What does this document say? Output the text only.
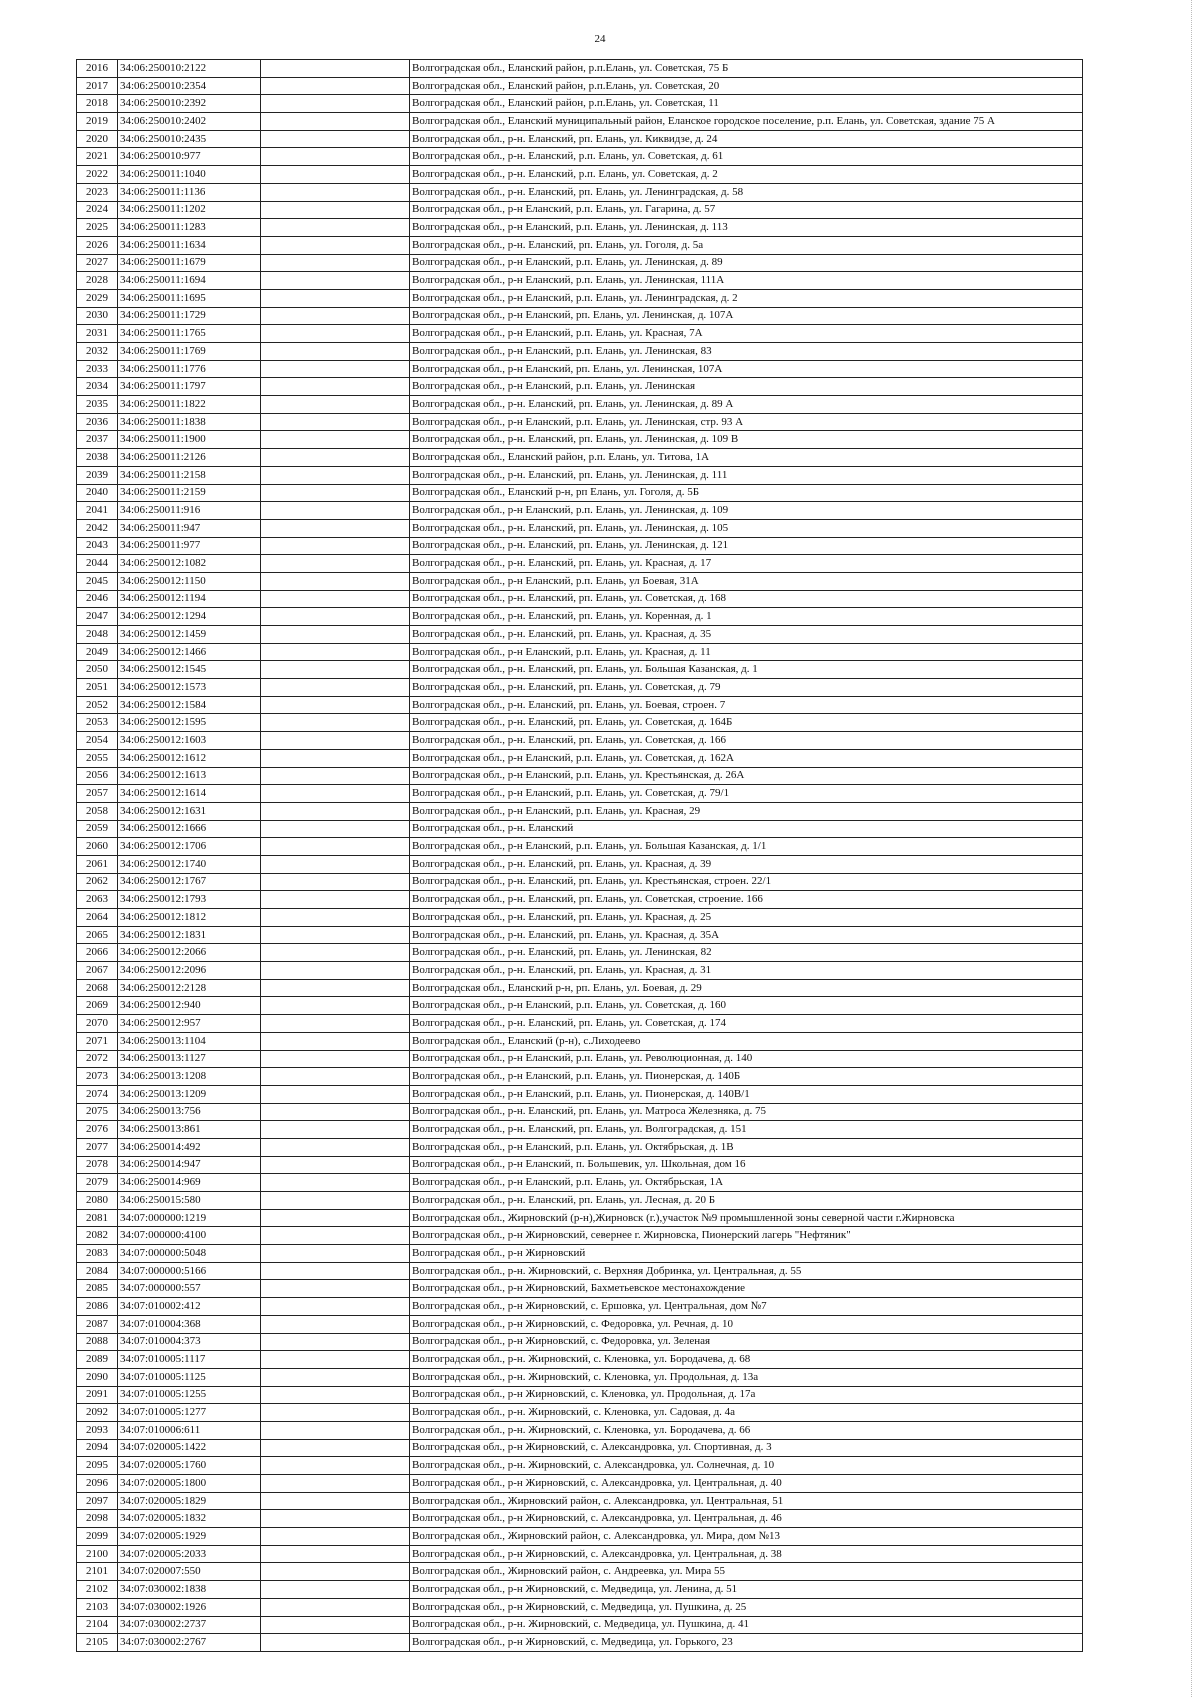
24
2016	34:06:250010:2122		Волгоградская обл., Еланский район, р.п.Елань, ул. Советская, 75 Б
2017	34:06:250010:2354		Волгоградская обл., Еланский район, р.п.Елань, ул. Советская, 20
2018	34:06:250010:2392		Волгоградская обл., Еланский район, р.п.Елань, ул. Советская, 11
2019	34:06:250010:2402		Волгоградская обл., Еланский муниципальный район, Еланское городское поселение, р.п. Елань, ул. Советская, здание 75 А
2020	34:06:250010:2435		Волгоградская обл., р-н. Еланский, рп. Елань, ул. Киквидзе, д. 24
2021	34:06:250010:977		Волгоградская обл., р-н. Еланский, р.п. Елань, ул. Советская, д. 61
2022	34:06:250011:1040		Волгоградская обл., р-н. Еланский, р.п. Елань, ул. Советская, д. 2
2023	34:06:250011:1136		Волгоградская обл., р-н. Еланский, рп. Елань, ул. Ленинградская, д. 58
2024	34:06:250011:1202		Волгоградская обл., р-н Еланский, р.п. Елань, ул. Гагарина, д. 57
2025	34:06:250011:1283		Волгоградская обл., р-н Еланский, р.п. Елань, ул. Ленинская, д. 113
2026	34:06:250011:1634		Волгоградская обл., р-н. Еланский, рп. Елань, ул. Гоголя, д. 5а
2027	34:06:250011:1679		Волгоградская обл., р-н Еланский, р.п. Елань, ул. Ленинская, д. 89
2028	34:06:250011:1694		Волгоградская обл., р-н Еланский, р.п. Елань, ул. Ленинская, 111А
2029	34:06:250011:1695		Волгоградская обл., р-н Еланский, р.п. Елань, ул. Ленинградская, д. 2
2030	34:06:250011:1729		Волгоградская обл., р-н Еланский, рп. Елань, ул. Ленинская, д. 107А
2031	34:06:250011:1765		Волгоградская обл., р-н Еланский, р.п. Елань, ул. Красная, 7А
2032	34:06:250011:1769		Волгоградская обл., р-н Еланский, р.п. Елань, ул. Ленинская, 83
2033	34:06:250011:1776		Волгоградская обл., р-н Еланский, рп. Елань, ул. Ленинская, 107А
2034	34:06:250011:1797		Волгоградская обл., р-н Еланский, р.п. Елань, ул. Ленинская
2035	34:06:250011:1822		Волгоградская обл., р-н. Еланский, рп. Елань, ул. Ленинская, д. 89 А
2036	34:06:250011:1838		Волгоградская обл., р-н Еланский, р.п. Елань, ул. Ленинская, стр. 93 А
2037	34:06:250011:1900		Волгоградская обл., р-н. Еланский, рп. Елань, ул. Ленинская, д. 109 В
2038	34:06:250011:2126		Волгоградская обл., Еланский район, р.п. Елань, ул. Титова, 1А
2039	34:06:250011:2158		Волгоградская обл., р-н. Еланский, рп. Елань, ул. Ленинская, д. 111
2040	34:06:250011:2159		Волгоградская обл., Еланский р-н, рп Елань, ул. Гоголя, д. 5Б
2041	34:06:250011:916		Волгоградская обл., р-н Еланский, р.п. Елань, ул. Ленинская, д. 109
2042	34:06:250011:947		Волгоградская обл., р-н. Еланский, рп. Елань, ул. Ленинская, д. 105
2043	34:06:250011:977		Волгоградская обл., р-н. Еланский, рп. Елань, ул. Ленинская, д. 121
2044	34:06:250012:1082		Волгоградская обл., р-н. Еланский, рп. Елань, ул. Красная, д. 17
2045	34:06:250012:1150		Волгоградская обл., р-н Еланский, р.п. Елань, ул Боевая, 31А
2046	34:06:250012:1194		Волгоградская обл., р-н. Еланский, рп. Елань, ул. Советская, д. 168
2047	34:06:250012:1294		Волгоградская обл., р-н. Еланский, рп. Елань, ул. Коренная, д. 1
2048	34:06:250012:1459		Волгоградская обл., р-н. Еланский, рп. Елань, ул. Красная, д. 35
2049	34:06:250012:1466		Волгоградская обл., р-н Еланский, р.п. Елань, ул. Красная, д. 11
2050	34:06:250012:1545		Волгоградская обл., р-н. Еланский, рп. Елань, ул. Большая Казанская, д. 1
2051	34:06:250012:1573		Волгоградская обл., р-н. Еланский, рп. Елань, ул. Советская, д. 79
2052	34:06:250012:1584		Волгоградская обл., р-н. Еланский, рп. Елань, ул. Боевая, строен. 7
2053	34:06:250012:1595		Волгоградская обл., р-н. Еланский, рп. Елань, ул. Советская, д. 164Б
2054	34:06:250012:1603		Волгоградская обл., р-н. Еланский, рп. Елань, ул. Советская, д. 166
2055	34:06:250012:1612		Волгоградская обл., р-н Еланский, р.п. Елань, ул. Советская, д. 162А
2056	34:06:250012:1613		Волгоградская обл., р-н Еланский, р.п. Елань, ул. Крестьянская, д. 26А
2057	34:06:250012:1614		Волгоградская обл., р-н Еланский, р.п. Елань, ул. Советская, д. 79/1
2058	34:06:250012:1631		Волгоградская обл., р-н Еланский, р.п. Елань, ул. Красная, 29
2059	34:06:250012:1666		Волгоградская обл., р-н. Еланский
2060	34:06:250012:1706		Волгоградская обл., р-н Еланский, р.п. Елань, ул. Большая Казанская, д. 1/1
2061	34:06:250012:1740		Волгоградская обл., р-н. Еланский, рп. Елань, ул. Красная, д. 39
2062	34:06:250012:1767		Волгоградская обл., р-н. Еланский, рп. Елань, ул. Крестьянская, строен. 22/1
2063	34:06:250012:1793		Волгоградская обл., р-н. Еланский, рп. Елань, ул. Советская, строение. 166
2064	34:06:250012:1812		Волгоградская обл., р-н. Еланский, рп. Елань, ул. Красная, д. 25
2065	34:06:250012:1831		Волгоградская обл., р-н. Еланский, рп. Елань, ул. Красная, д. 35А
2066	34:06:250012:2066		Волгоградская обл., р-н. Еланский, рп. Елань, ул. Ленинская, 82
2067	34:06:250012:2096		Волгоградская обл., р-н. Еланский, рп. Елань, ул. Красная, д. 31
2068	34:06:250012:2128		Волгоградская обл., Еланский р-н, рп. Елань, ул. Боевая, д. 29
2069	34:06:250012:940		Волгоградская обл., р-н Еланский, р.п. Елань, ул. Советская, д. 160
2070	34:06:250012:957		Волгоградская обл., р-н. Еланский, рп. Елань, ул. Советская, д. 174
2071	34:06:250013:1104		Волгоградская обл., Еланский (р-н), с.Лиходеево
2072	34:06:250013:1127		Волгоградская обл., р-н Еланский, р.п. Елань, ул. Революционная, д. 140
2073	34:06:250013:1208		Волгоградская обл., р-н Еланский, р.п. Елань, ул. Пионерская, д. 140Б
2074	34:06:250013:1209		Волгоградская обл., р-н Еланский, р.п. Елань, ул. Пионерская, д. 140В/1
2075	34:06:250013:756		Волгоградская обл., р-н. Еланский, рп. Елань, ул. Матроса Железняка, д. 75
2076	34:06:250013:861		Волгоградская обл., р-н. Еланский, рп. Елань, ул. Волгоградская, д. 151
2077	34:06:250014:492		Волгоградская обл., р-н Еланский, р.п. Елань, ул. Октябрьская, д. 1В
2078	34:06:250014:947		Волгоградская обл., р-н Еланский, п. Большевик, ул. Школьная, дом 16
2079	34:06:250014:969		Волгоградская обл., р-н Еланский, р.п. Елань, ул. Октябрьская, 1А
2080	34:06:250015:580		Волгоградская обл., р-н. Еланский, рп. Елань, ул. Лесная, д. 20 Б
2081	34:07:000000:1219		Волгоградская обл., Жирновский (р-н),Жирновск (г.),участок №9 промышленной зоны северной части г.Жирновска
2082	34:07:000000:4100		Волгоградская обл., р-н Жирновский, севернее г. Жирновска, Пионерский лагерь "Нефтяник"
2083	34:07:000000:5048		Волгоградская обл., р-н Жирновский
2084	34:07:000000:5166		Волгоградская обл., р-н. Жирновский, с. Верхняя Добринка, ул. Центральная, д. 55
2085	34:07:000000:557		Волгоградская обл., р-н Жирновский, Бахметьевское местонахождение
2086	34:07:010002:412		Волгоградская обл., р-н Жирновский, с. Ершовка, ул. Центральная, дом №7
2087	34:07:010004:368		Волгоградская обл., р-н Жирновский, с. Федоровка, ул. Речная, д. 10
2088	34:07:010004:373		Волгоградская обл., р-н Жирновский, с. Федоровка, ул. Зеленая
2089	34:07:010005:1117		Волгоградская обл., р-н. Жирновский, с. Кленовка, ул. Бородачева, д. 68
2090	34:07:010005:1125		Волгоградская обл., р-н. Жирновский, с. Кленовка, ул. Продольная, д. 13а
2091	34:07:010005:1255		Волгоградская обл., р-н Жирновский, с. Кленовка, ул. Продольная, д. 17а
2092	34:07:010005:1277		Волгоградская обл., р-н. Жирновский, с. Кленовка, ул. Садовая, д. 4а
2093	34:07:010006:611		Волгоградская обл., р-н. Жирновский, с. Кленовка, ул. Бородачева, д. 66
2094	34:07:020005:1422		Волгоградская обл., р-н Жирновский, с. Александровка, ул. Спортивная, д. 3
2095	34:07:020005:1760		Волгоградская обл., р-н. Жирновский, с. Александровка, ул. Солнечная, д. 10
2096	34:07:020005:1800		Волгоградская обл., р-н Жирновский, с. Александровка, ул. Центральная, д. 40
2097	34:07:020005:1829		Волгоградская обл., Жирновский район, с. Александровка, ул. Центральная, 51
2098	34:07:020005:1832		Волгоградская обл., р-н Жирновский, с. Александровка, ул. Центральная, д. 46
2099	34:07:020005:1929		Волгоградская обл., Жирновский район, с. Александровка, ул. Мира, дом №13
2100	34:07:020005:2033		Волгоградская обл., р-н Жирновский, с. Александровка, ул. Центральная, д. 38
2101	34:07:020007:550		Волгоградская обл., Жирновский район, с. Андреевка, ул. Мира 55
2102	34:07:030002:1838		Волгоградская обл., р-н Жирновский, с. Медведица, ул. Ленина, д. 51
2103	34:07:030002:1926		Волгоградская обл., р-н Жирновский, с. Медведица, ул. Пушкина, д. 25
2104	34:07:030002:2737		Волгоградская обл., р-н. Жирновский, с. Медведица, ул. Пушкина, д. 41
2105	34:07:030002:2767		Волгоградская обл., р-н Жирновский, с. Медведица, ул. Горького, 23
